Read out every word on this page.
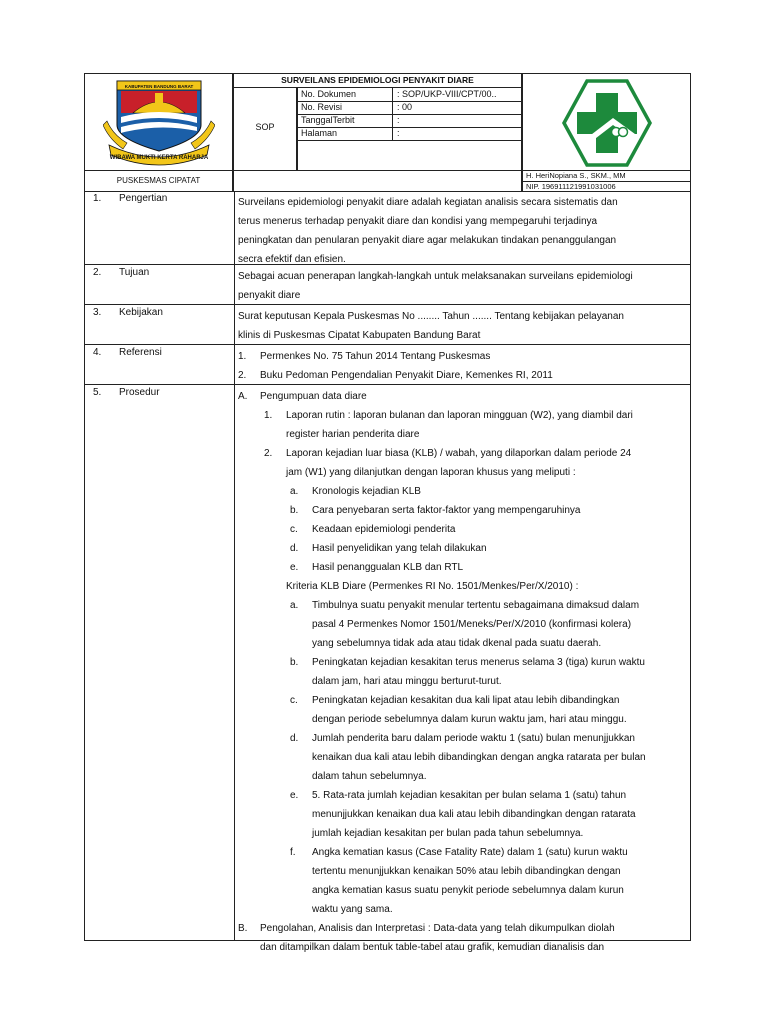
KABUPATEN BANDUNG BARAT
WIBAWA MUKTI KERTA RAHARJA
SURVEILANS EPIDEMIOLOGI PENYAKIT DIARE
SOP
No. Dokumen	: SOP/UKP-VIII/CPT/00..
No. Revisi	: 00
TanggalTerbit	:
Halaman	:
PUSKESMAS CIPATAT
H. HeriNopiana S., SKM., MM
NIP. 196911121991031006
1. Pengertian	Surveilans epidemiologi penyakit diare adalah kegiatan analisis secara sistematis dan
terus menerus terhadap penyakit diare dan kondisi yang mempegaruhi terjadinya
peningkatan dan penularan penyakit diare agar melakukan tindakan penanggulangan
secra efektif dan efisien.
2. Tujuan	Sebagai acuan penerapan langkah-langkah untuk melaksanakan surveilans epidemiologi
penyakit diare
3. Kebijakan	Surat keputusan Kepala Puskesmas No ........ Tahun ....... Tentang kebijakan pelayanan
klinis di Puskesmas Cipatat Kabupaten Bandung Barat
4. Referensi	1. Permenkes No. 75 Tahun 2014 Tentang Puskesmas
2. Buku Pedoman Pengendalian Penyakit Diare, Kemenkes RI, 2011
5. Prosedur	A. Pengumpuan data diare
1. Laporan rutin : laporan bulanan dan laporan mingguan (W2), yang diambil dari
register harian penderita diare
2. Laporan kejadian luar biasa (KLB) / wabah, yang dilaporkan dalam periode 24
jam (W1) yang dilanjutkan dengan laporan khusus yang meliputi :
a. Kronologis kejadian KLB
b. Cara penyebaran serta faktor-faktor yang mempengaruhinya
c. Keadaan epidemiologi penderita
d. Hasil penyelidikan yang telah dilakukan
e. Hasil penanggualan KLB dan RTL
Kriteria KLB Diare (Permenkes RI No. 1501/Menkes/Per/X/2010) :
a. Timbulnya suatu penyakit menular tertentu sebagaimana dimaksud dalam
pasal 4 Permenkes Nomor 1501/Meneks/Per/X/2010 (konfirmasi kolera)
yang sebelumnya tidak ada atau tidak dkenal pada suatu daerah.
b. Peningkatan kejadian kesakitan terus menerus selama 3 (tiga) kurun waktu
dalam jam, hari atau minggu berturut-turut.
c. Peningkatan kejadian kesakitan dua kali lipat atau lebih dibandingkan
dengan periode sebelumnya dalam kurun waktu jam, hari atau minggu.
d. Jumlah penderita baru dalam periode waktu 1 (satu) bulan menunjjukkan
kenaikan dua kali atau lebih dibandingkan dengan angka ratarata per bulan
dalam tahun sebelumnya.
e. 5. Rata-rata jumlah kejadian kesakitan per bulan selama 1 (satu) tahun
menunjjukkan kenaikan dua kali atau lebih dibandingkan dengan ratarata
jumlah kejadian kesakitan per bulan pada tahun sebelumnya.
f. Angka kematian kasus (Case Fatality Rate) dalam 1 (satu) kurun waktu
tertentu menunjjukkan kenaikan 50% atau lebih dibandingkan dengan
angka kematian kasus suatu penykit periode sebelumnya dalam kurun
waktu yang sama.
B. Pengolahan, Analisis dan Interpretasi : Data-data yang telah dikumpulkan diolah
dan ditampilkan dalam bentuk table-tabel atau grafik, kemudian dianalisis dan
